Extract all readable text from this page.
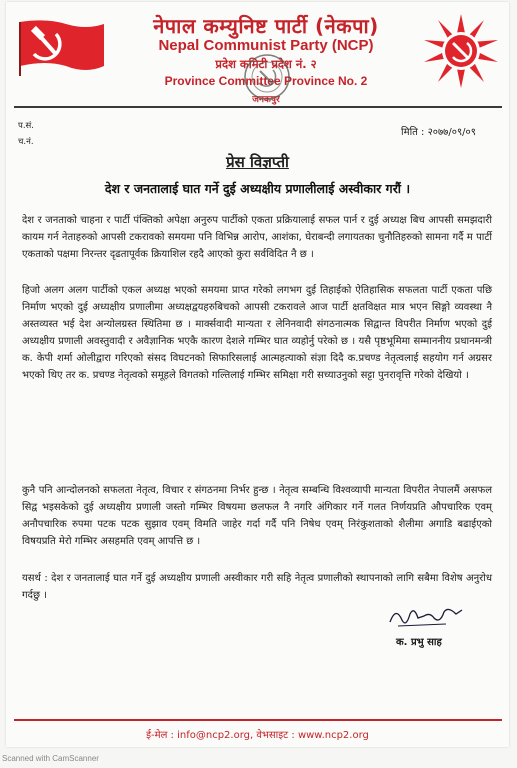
नेपाल कम्युनिष्ट पार्टी (नेकपा)
Nepal Communist Party (NCP)
प्रदेश कमिटी प्रदेश नं. २
Province Committee Province No. 2
जनकपुर
प.सं.
च.नं.
मिति : २०७७/०९/०९
प्रेस विज्ञप्ती
देश र जनतालाई घात गर्ने दुई अध्यक्षीय प्रणालीलाई अस्वीकार गरौं ।
देश र जनताको चाहना र पार्टी पंक्तिको अपेक्षा अनुरुप पार्टीको एकता प्रक्रियालाई सफल पार्न र दुई अध्यक्ष बिच आपसी समझदारी कायम गर्न नेताहरुको आपसी टकरावको समयमा पनि विभिन्न आरोप, आशंका, घेराबन्दी लगायतका चुनौतिहरुको सामना गर्दै म पार्टी एकताको पक्षमा निरन्तर दृढतापूर्वक क्रियाशिल रहदै आएको कुरा सर्वविदित नै छ ।
हिजो अलग अलग पार्टीको एकल अध्यक्ष भएको समयमा प्राप्त गरेको लगभग दुई तिहाईको ऐतिहासिक सफलता पार्टी एकता पछि निर्माण भएको दुई अध्यक्षीय प्रणालीमा अध्यक्षद्वयहरुबिचको आपसी टकरावले आज पार्टी क्षतविक्षत मात्र भएन सिङ्गो व्यवस्था नै अस्तव्यस्त भई देश अन्योलग्रस्त स्थितिमा छ । मार्क्सवादी मान्यता र लेनिनवादी संगठनात्मक सिद्वान्त विपरीत निर्माण भएको दुई अध्यक्षीय प्रणाली अवस्तुवादी र अवैज्ञानिक भएकै कारण देशले गम्भिर घात व्यहोर्नु परेको छ । यसै पृष्ठभूमिमा सम्माननीय प्रधानमन्त्री क. केपी शर्मा ओलीद्वारा गरिएको संसद विघटनको सिफारिसलाई आत्महत्याको संज्ञा दिदै क.प्रचण्ड नेतृत्वलाई सहयोग गर्न अग्रसर भएको थिए तर क. प्रचण्ड नेतृत्वको समूहले विगतको गल्तिलाई गम्भिर समिक्षा गरी सच्याउनुको सट्टा पुनरावृत्ति गरेको देखियो ।
कुनै पनि आन्दोलनको सफलता नेतृत्व, विचार र संगठनमा निर्भर हुन्छ । नेतृत्व सम्बन्धि विश्वव्यापी मान्यता विपरीत नेपालमैं असफल सिद्व भइसकेको दुई अध्यक्षीय प्रणाली जस्तो गम्भिर विषयमा छलफल नै नगरि अंगिकार गर्ने गलत निर्णयप्रति औपचारिक एवम् अनौपचारिक रुपमा पटक पटक सुझाव एवम् विमति जाहेर गर्दा गर्दै पनि निषेध एवम् निरंकुशताको शैलीमा अगाडि बढाईएको विषयप्रति मेरो गम्भिर असहमति एवम् आपत्ति छ ।
यसर्थ : देश र जनतालाई घात गर्ने दुई अध्यक्षीय प्रणाली अस्वीकार गरी सहि नेतृत्व प्रणालीको स्थापनाको लागि सबैमा विशेष अनुरोध गर्दछु ।
क. प्रभु साह
ई-मेल : info@ncp2.org, वेभसाइट : www.ncp2.org
Scanned with CamScanner
